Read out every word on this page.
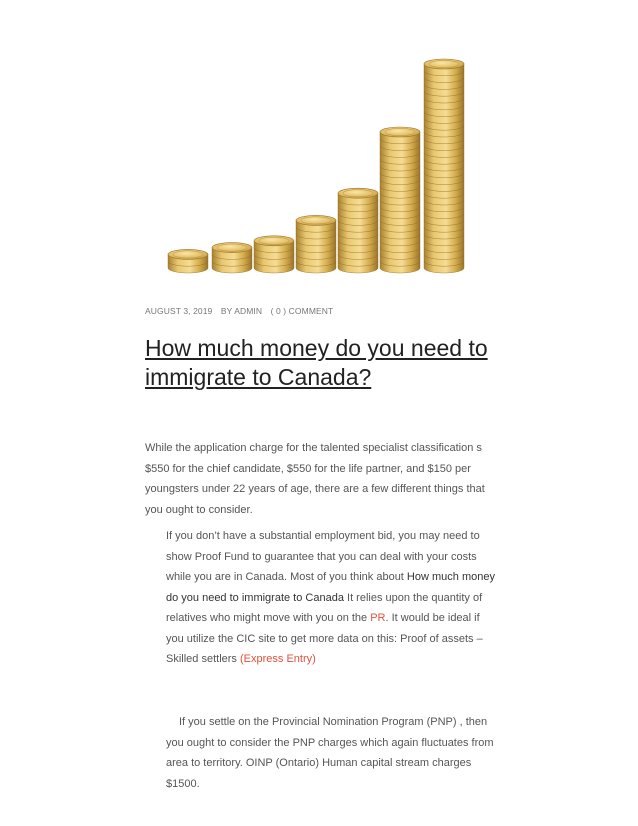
AUGUST 3, 2019 BY ADMIN ( 0 ) COMMENT
How much money do you need to immigrate to Canada?

While the application charge for the talented specialist classification s $550 for the chief candidate, $550 for the life partner, and $150 per youngsters under 22 years of age, there are a few different things that you ought to consider.

If you don’t have a substantial employment bid, you may need to show Proof Fund to guarantee that you can deal with your costs while you are in Canada. Most of you think about How much money do you need to immigrate to Canada It relies upon the quantity of relatives who might move with you on the PR. It would be ideal if you utilize the CIC site to get more data on this: Proof of assets – Skilled settlers (Express Entry)

If you settle on the Provincial Nomination Program (PNP) , then you ought to consider the PNP charges which again fluctuates from area to territory. OINP (Ontario) Human capital stream charges $1500.
